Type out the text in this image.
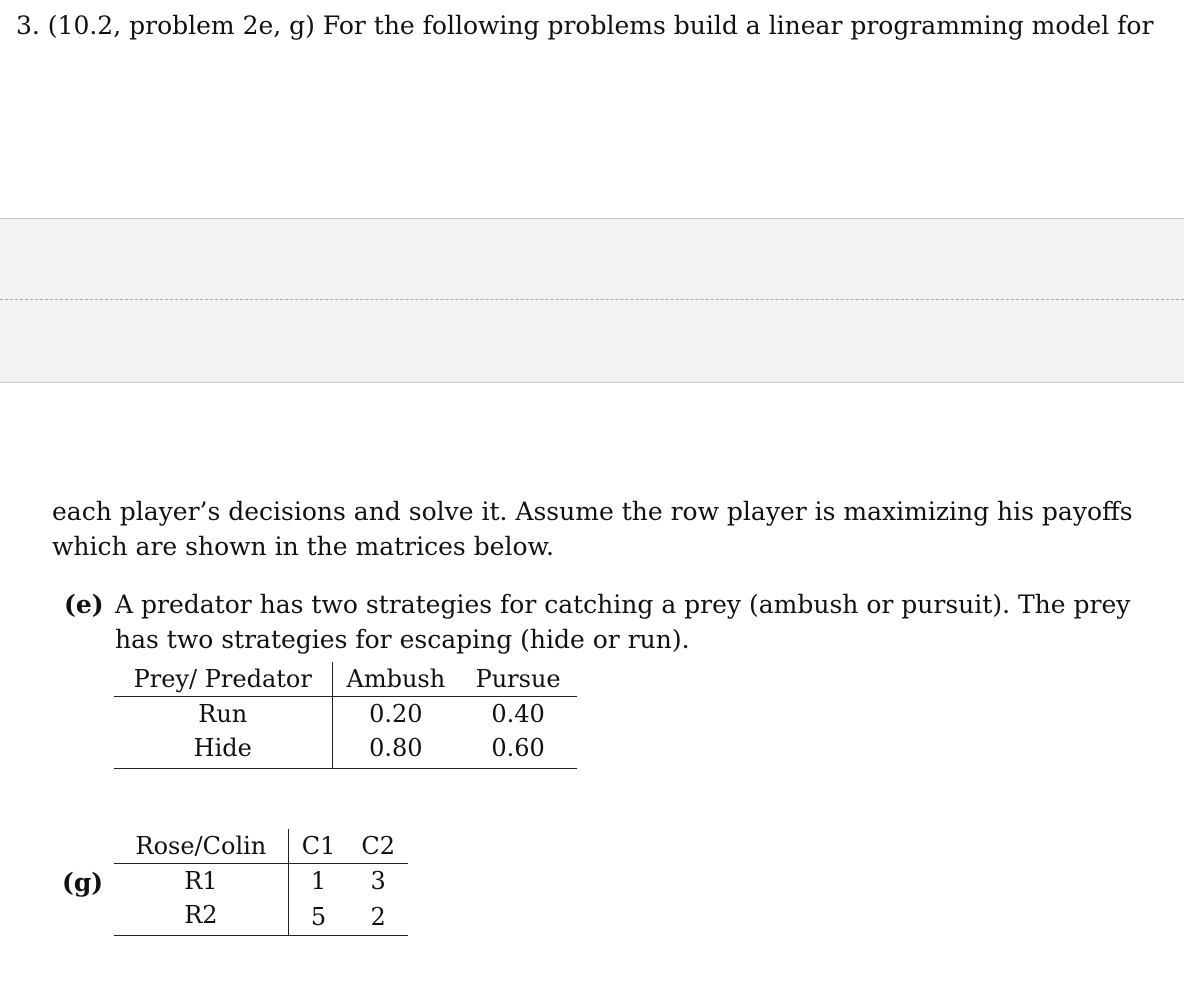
3. (10.2, problem 2e, g) For the following problems build a linear programming model for
each player’s decisions and solve it. Assume the row player is maximizing his payoffs
which are shown in the matrices below.
(e) A predator has two strategies for catching a prey (ambush or pursuit). The prey
has two strategies for escaping (hide or run).
Prey/ Predator	Ambush	Pursue
Run	0.20	0.40
Hide	0.80	0.60
(g)
Rose/Colin	C1	C2
R1	1	3
R2	5	2
